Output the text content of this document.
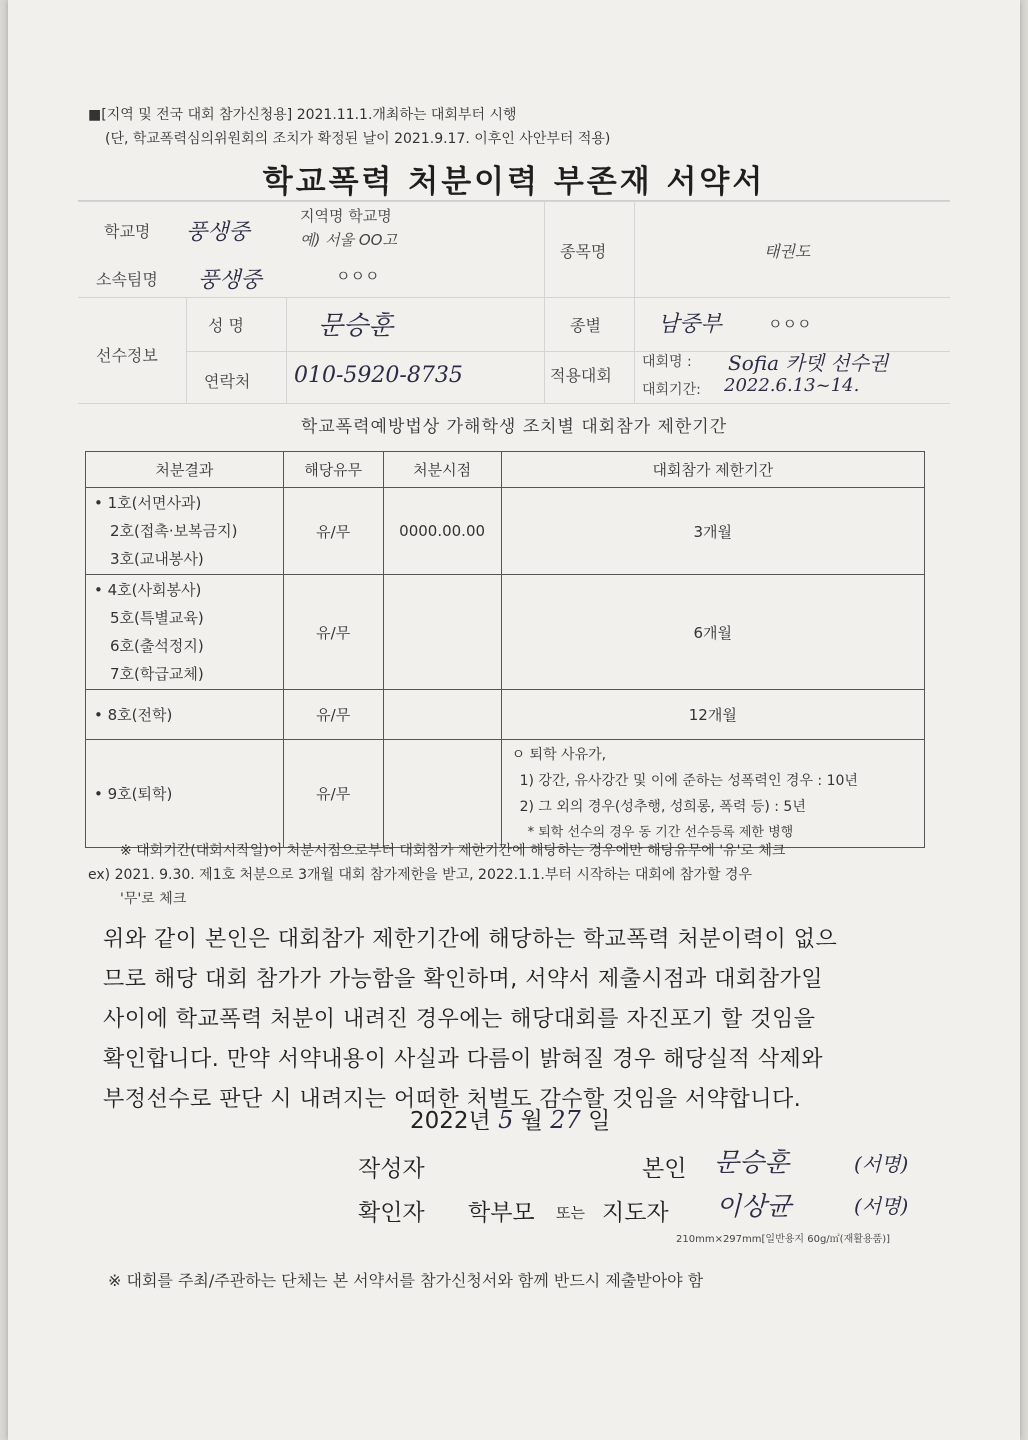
■[지역 및 전국 대회 참가신청용] 2021.11.1.개최하는 대회부터 시행
(단, 학교폭력심의위원회의 조치가 확정된 날이 2021.9.17. 이후인 사안부터 적용)
학교폭력 처분이력 부존재 서약서
학교명 풍생중
지역명 학교명
예) 서울 OO고
소속팀명 풍생중	ㅇㅇㅇ
종목명	태권도
선수정보
성 명	문승훈	종별	남중부	ㅇㅇㅇ
연락처 010-5920-8735	적용대회
대회명 : Sofia 카뎃 선수권
대회기간: 2022.6.13~14.
학교폭력예방법상 가해학생 조치별 대회참가 제한기간
처분결과	해당유무	처분시점	대회참가 제한기간

• 1호(서면사과)
2호(접촉·보복금지)
3호(교내봉사)	유/무	0000.00.00	3개월

• 4호(사회봉사)
5호(특별교육)
6호(출석정지)
7호(학급교체)	유/무		6개월

• 8호(전학)	유/무		12개월

• 9호(퇴학)	유/무		ㅇ 퇴학 사유가,
1) 강간, 유사강간 및 이에 준하는 성폭력인 경우 : 10년
2) 그 외의 경우(성추행, 성희롱, 폭력 등) : 5년
* 퇴학 선수의 경우 동 기간 선수등록 제한 병행
※ 대회기간(대회시작일)이 처분시점으로부터 대회참가 제한기간에 해당하는 경우에만 해당유무에 '유'로 체크
ex) 2021. 9.30. 제1호 처분으로 3개월 대회 참가제한을 받고, 2022.1.1.부터 시작하는 대회에 참가할 경우
'무'로 체크
위와 같이 본인은 대회참가 제한기간에 해당하는 학교폭력 처분이력이 없으
므로 해당 대회 참가가 가능함을 확인하며, 서약서 제출시점과 대회참가일
사이에 학교폭력 처분이 내려진 경우에는 해당대회를 자진포기 할 것임을
확인합니다. 만약 서약내용이 사실과 다름이 밝혀질 경우 해당실적 삭제와
부정선수로 판단 시 내려지는 어떠한 처벌도 감수할 것임을 서약합니다.
2022년 5 월 27 일
작성자	본인 문승훈	(서명)
확인자 학부모 또는 지도자 이상균	(서명)
210mm×297mm[일반용지 60g/㎡(재활용품)]
※ 대회를 주최/주관하는 단체는 본 서약서를 참가신청서와 함께 반드시 제출받아야 함
